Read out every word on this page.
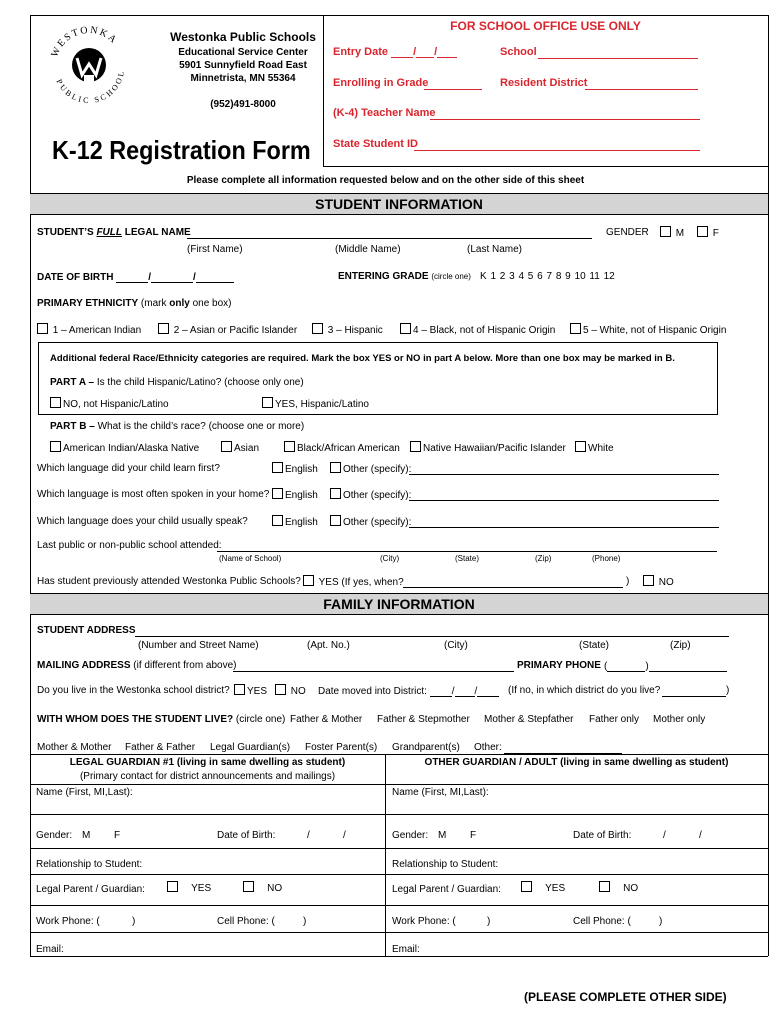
WESTONKA
PUBLIC SCHOOL
Westonka Public Schools
Educational Service Center
5901 Sunnyfield Road East
Minnetrista, MN 55364
(952)491-8000
K-12 Registration Form
FOR SCHOOL OFFICE USE ONLY
Entry Date / /	School
Enrolling in Grade	Resident District
(K-4) Teacher Name
State Student ID
Please complete all information requested below and on the other side of this sheet
STUDENT INFORMATION
STUDENT’S FULL LEGAL NAME	GENDER	M	F
(First Name)	(Middle Name)	(Last Name)
DATE OF BIRTH	/	/	ENTERING GRADE (circle one) K 1 2 3 4 5 6 7 8 9 10 11 12
PRIMARY ETHNICITY (mark only one box)
1 – American Indian	2 – Asian or Pacific Islander	3 – Hispanic	4 – Black, not of Hispanic Origin	5 – White, not of Hispanic Origin
Additional federal Race/Ethnicity categories are required. Mark the box YES or NO in part A below. More than one box may be marked in B.
PART A – Is the child Hispanic/Latino? (choose only one)
NO, not Hispanic/Latino	YES, Hispanic/Latino
PART B – What is the child’s race? (choose one or more)
American Indian/Alaska Native	Asian	Black/African American	Native Hawaiian/Pacific Islander	White
Which language did your child learn first?	English	Other (specify):
Which language is most often spoken in your home?	English	Other (specify):
Which language does your child usually speak?	English	Other (specify):
Last public or non-public school attended:
(Name of School)	(City)	(State)	(Zip)	(Phone)
Has student previously attended Westonka Public Schools?	YES (If yes, when?	)	NO
FAMILY INFORMATION
STUDENT ADDRESS
(Number and Street Name)	(Apt. No.)	(City)	(State)	(Zip)
MAILING ADDRESS (if different from above)	PRIMARY PHONE (	)
Do you live in the Westonka school district?	YES	NO Date moved into District: / /	(If no, in which district do you live?	)
WITH WHOM DOES THE STUDENT LIVE? (circle one) Father & Mother Father & Stepmother Mother & Stepfather Father only Mother only
Mother & Mother Father & Father Legal Guardian(s) Foster Parent(s) Grandparent(s) Other:
LEGAL GUARDIAN #1 (living in same dwelling as student)
(Primary contact for district announcements and mailings)
OTHER GUARDIAN / ADULT (living in same dwelling as student)
Name (First, MI,Last):
Gender: M F	Date of Birth:	/	/
Relationship to Student:
Legal Parent / Guardian:	YES	NO
Work Phone: (	)	Cell Phone: (	)
Email:
Name (First, MI,Last):
Gender: M F	Date of Birth:	/	/
Relationship to Student:
Legal Parent / Guardian:	YES	NO
Work Phone: (	)	Cell Phone: (	)
Email:
(PLEASE COMPLETE OTHER SIDE)
